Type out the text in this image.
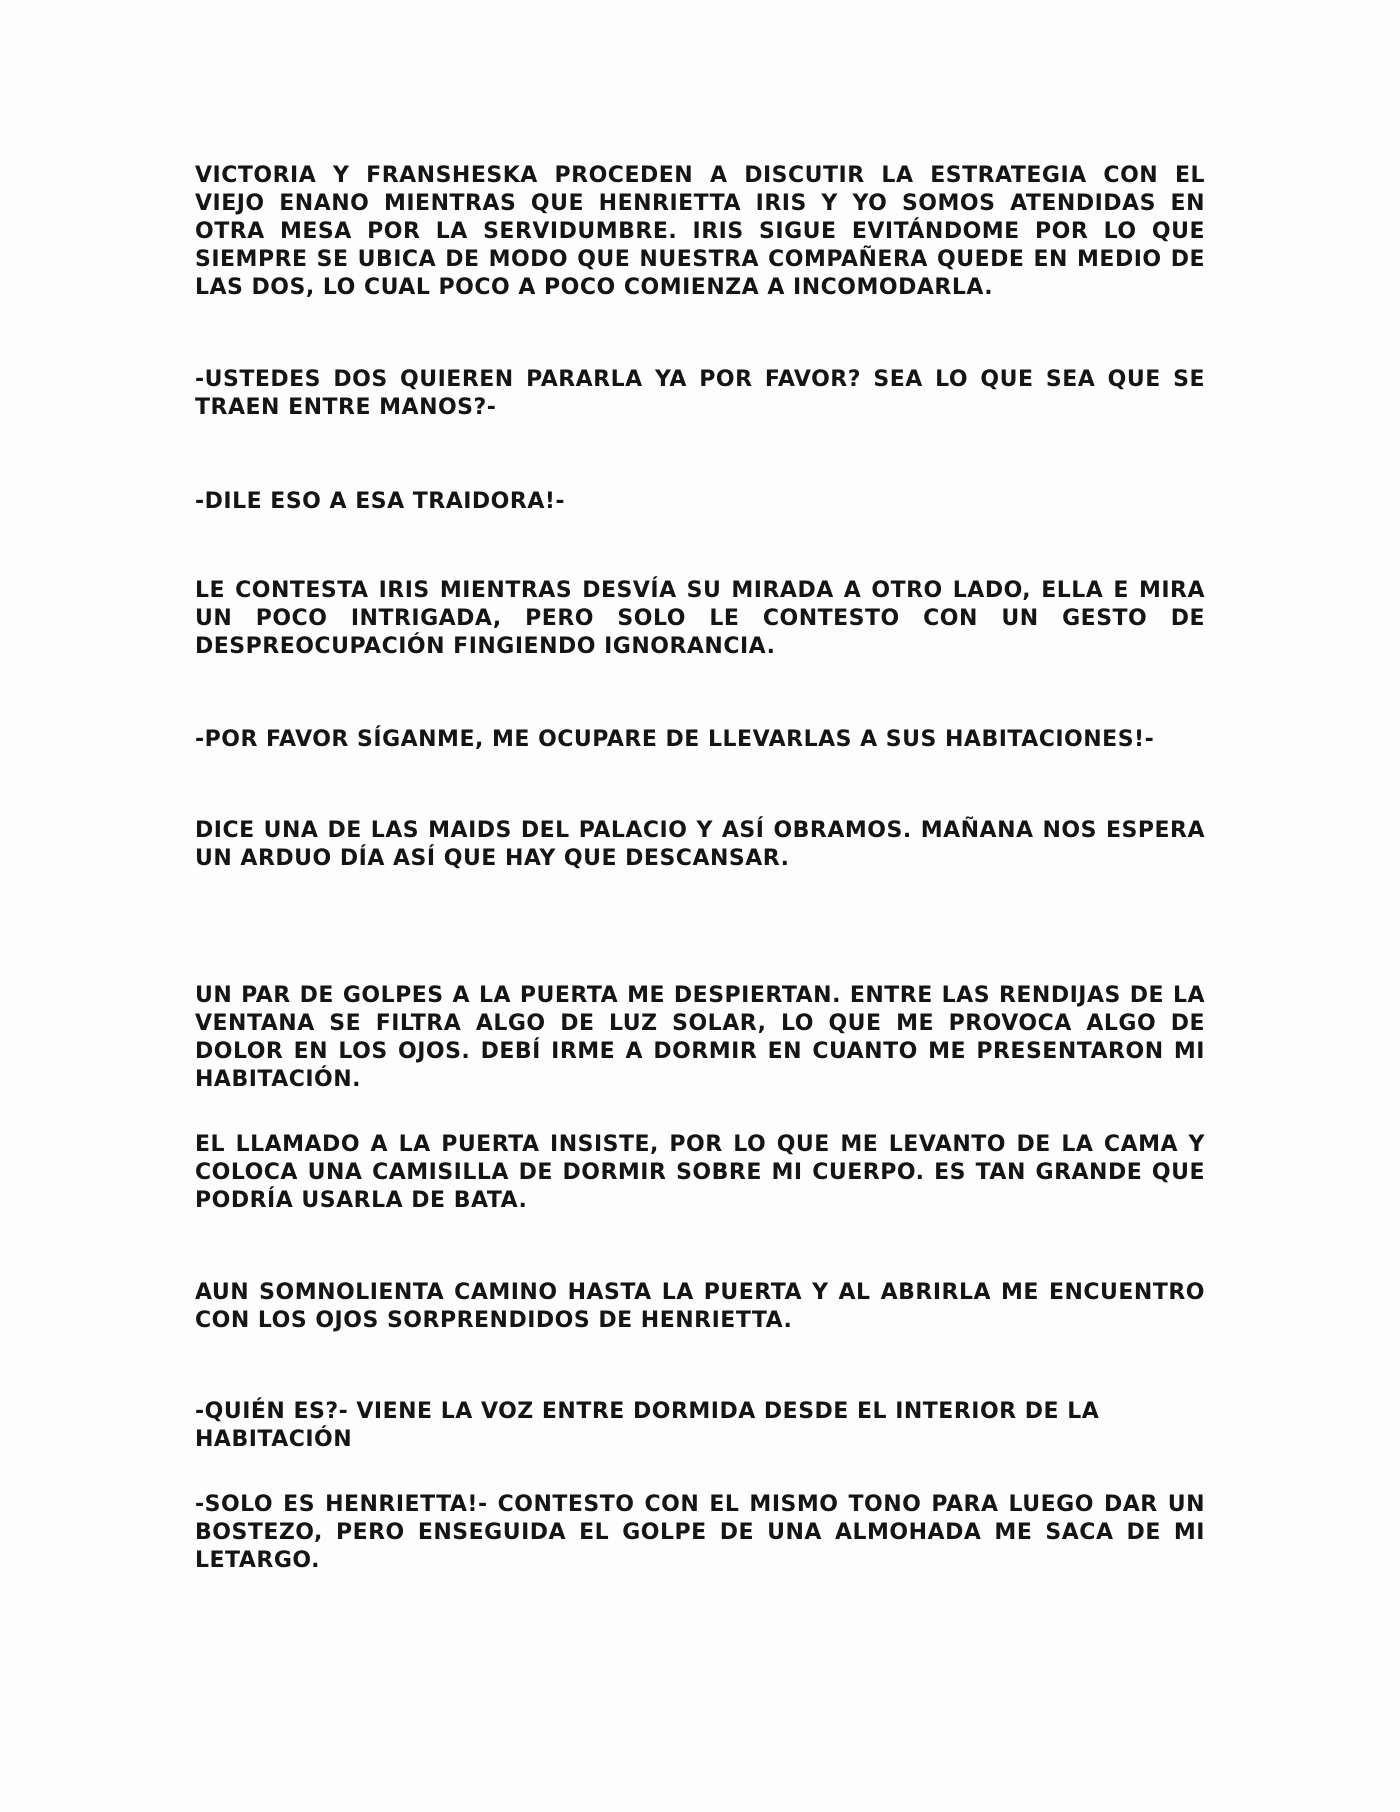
VICTORIA Y FRANSHESKA PROCEDEN A DISCUTIR LA ESTRATEGIA CON EL VIEJO ENANO MIENTRAS QUE HENRIETTA IRIS Y YO SOMOS ATENDIDAS EN OTRA MESA POR LA SERVIDUMBRE. IRIS SIGUE EVITÁNDOME POR LO QUE SIEMPRE SE UBICA DE MODO QUE NUESTRA COMPAÑERA QUEDE EN MEDIO DE LAS DOS, LO CUAL POCO A POCO COMIENZA A INCOMODARLA.

-USTEDES DOS QUIEREN PARARLA YA POR FAVOR? SEA LO QUE SEA QUE SE TRAEN ENTRE MANOS?-

-DILE ESO A ESA TRAIDORA!-

LE CONTESTA IRIS MIENTRAS DESVÍA SU MIRADA A OTRO LADO, ELLA E MIRA UN POCO INTRIGADA, PERO SOLO LE CONTESTO CON UN GESTO DE DESPREOCUPACIÓN FINGIENDO IGNORANCIA.

-POR FAVOR SÍGANME, ME OCUPARE DE LLEVARLAS A SUS HABITACIONES!-

DICE UNA DE LAS MAIDS DEL PALACIO Y ASÍ OBRAMOS. MAÑANA NOS ESPERA UN ARDUO DÍA ASÍ QUE HAY QUE DESCANSAR.

UN PAR DE GOLPES A LA PUERTA ME DESPIERTAN. ENTRE LAS RENDIJAS DE LA VENTANA SE FILTRA ALGO DE LUZ SOLAR, LO QUE ME PROVOCA ALGO DE DOLOR EN LOS OJOS. DEBÍ IRME A DORMIR EN CUANTO ME PRESENTARON MI HABITACIÓN.

EL LLAMADO A LA PUERTA INSISTE, POR LO QUE ME LEVANTO DE LA CAMA Y COLOCA UNA CAMISILLA DE DORMIR SOBRE MI CUERPO. ES TAN GRANDE QUE PODRÍA USARLA DE BATA.

AUN SOMNOLIENTA CAMINO HASTA LA PUERTA Y AL ABRIRLA ME ENCUENTRO CON LOS OJOS SORPRENDIDOS DE HENRIETTA.

-QUIÉN ES?- VIENE LA VOZ ENTRE DORMIDA DESDE EL INTERIOR DE LA HABITACIÓN

-SOLO ES HENRIETTA!- CONTESTO CON EL MISMO TONO PARA LUEGO DAR UN BOSTEZO, PERO ENSEGUIDA EL GOLPE DE UNA ALMOHADA ME SACA DE MI LETARGO.
